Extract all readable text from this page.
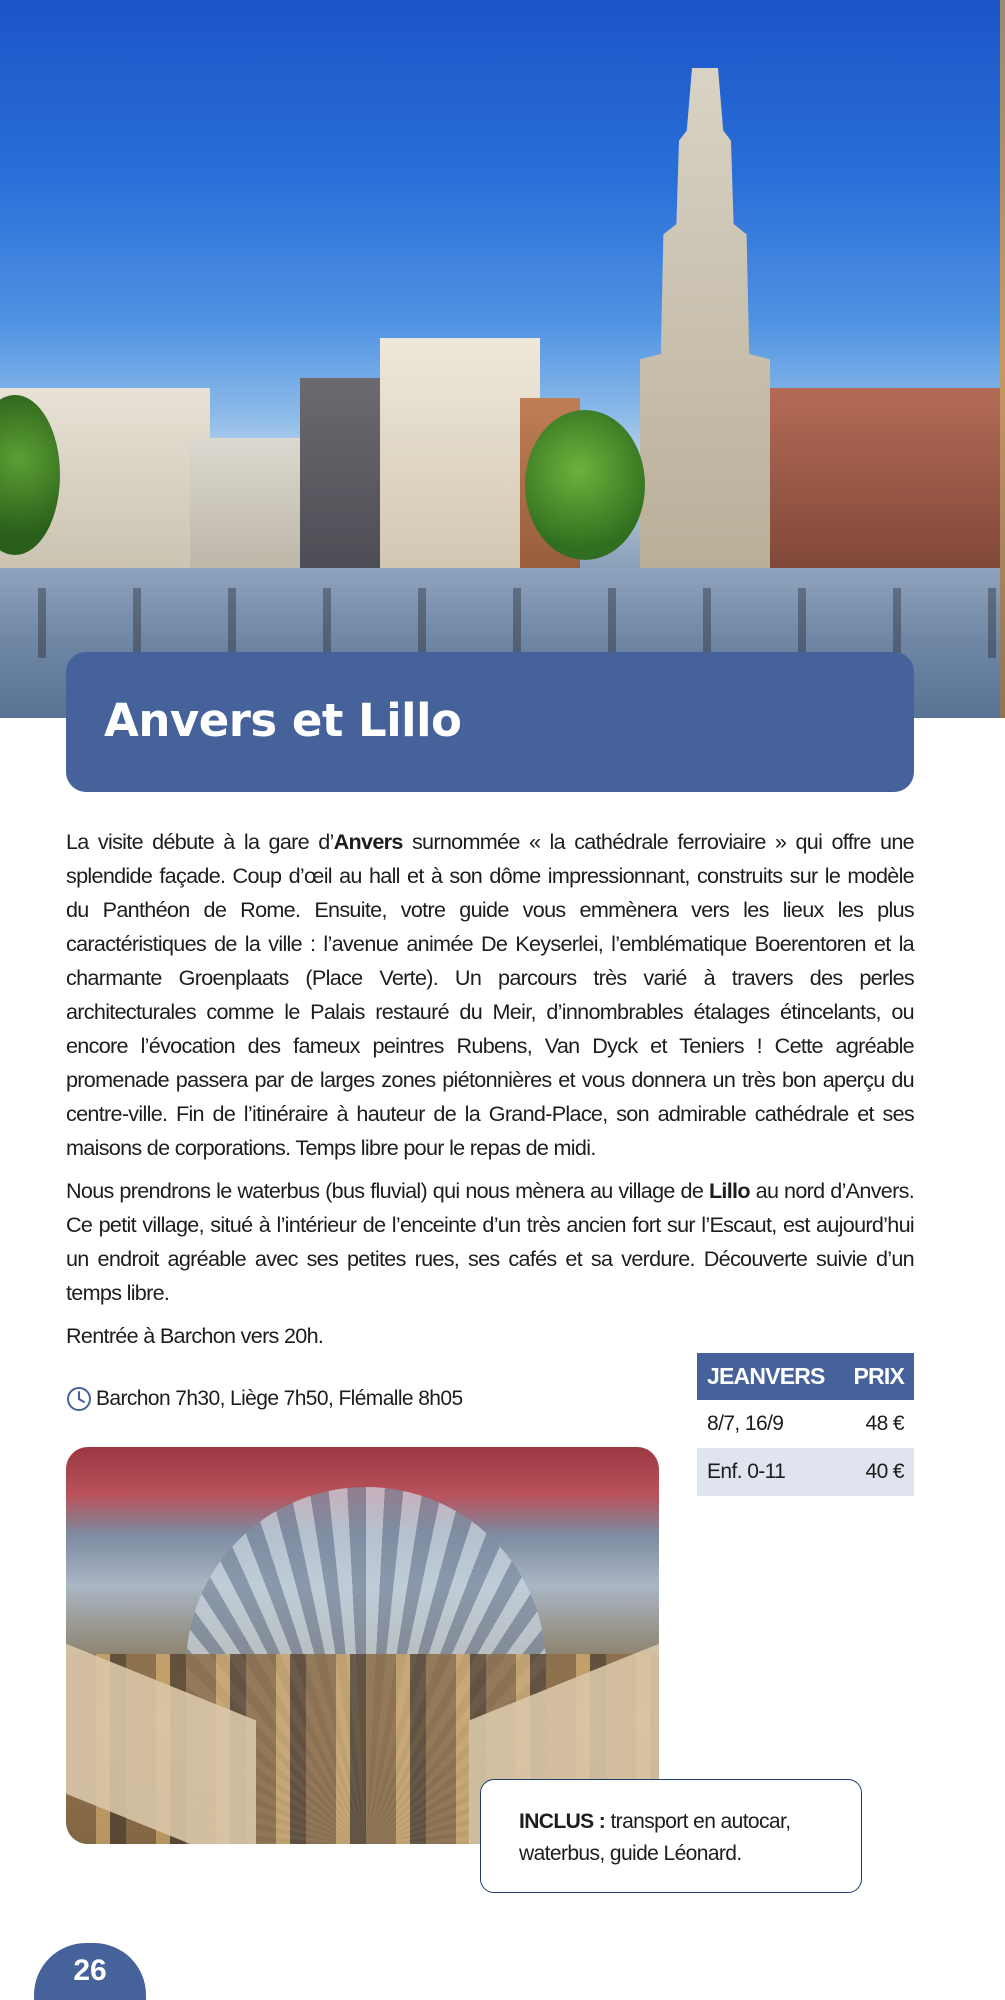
Anvers et Lillo

La visite débute à la gare d’Anvers surnommée « la cathédrale ferroviaire » qui offre une splendide façade. Coup d’œil au hall et à son dôme impressionnant, construits sur le modèle du Panthéon de Rome. Ensuite, votre guide vous emmènera vers les lieux les plus caractéristiques de la ville : l’avenue animée De Keyserlei, l’emblématique Boerentoren et la charmante Groenplaats (Place Verte). Un parcours très varié à travers des perles architecturales comme le Palais restauré du Meir, d’innombrables étalages étincelants, ou encore l’évocation des fameux peintres Rubens, Van Dyck et Teniers ! Cette agréable promenade passera par de larges zones piétonnières et vous donnera un très bon aperçu du centre-ville. Fin de l’itinéraire à hauteur de la Grand-Place, son admirable cathédrale et ses maisons de corporations. Temps libre pour le repas de midi.

Nous prendrons le waterbus (bus fluvial) qui nous mènera au village de Lillo au nord d’Anvers. Ce petit village, situé à l’intérieur de l’enceinte d’un très ancien fort sur l’Escaut, est aujourd’hui un endroit agréable avec ses petites rues, ses cafés et sa verdure. Découverte suivie d’un temps libre.

Rentrée à Barchon vers 20h.

Barchon 7h30, Liège 7h50, Flémalle 8h05
JEANVERS	PRIX
8/7, 16/9	48 €
Enf. 0-11	40 €
INCLUS : transport en autocar, waterbus, guide Léonard.
26
